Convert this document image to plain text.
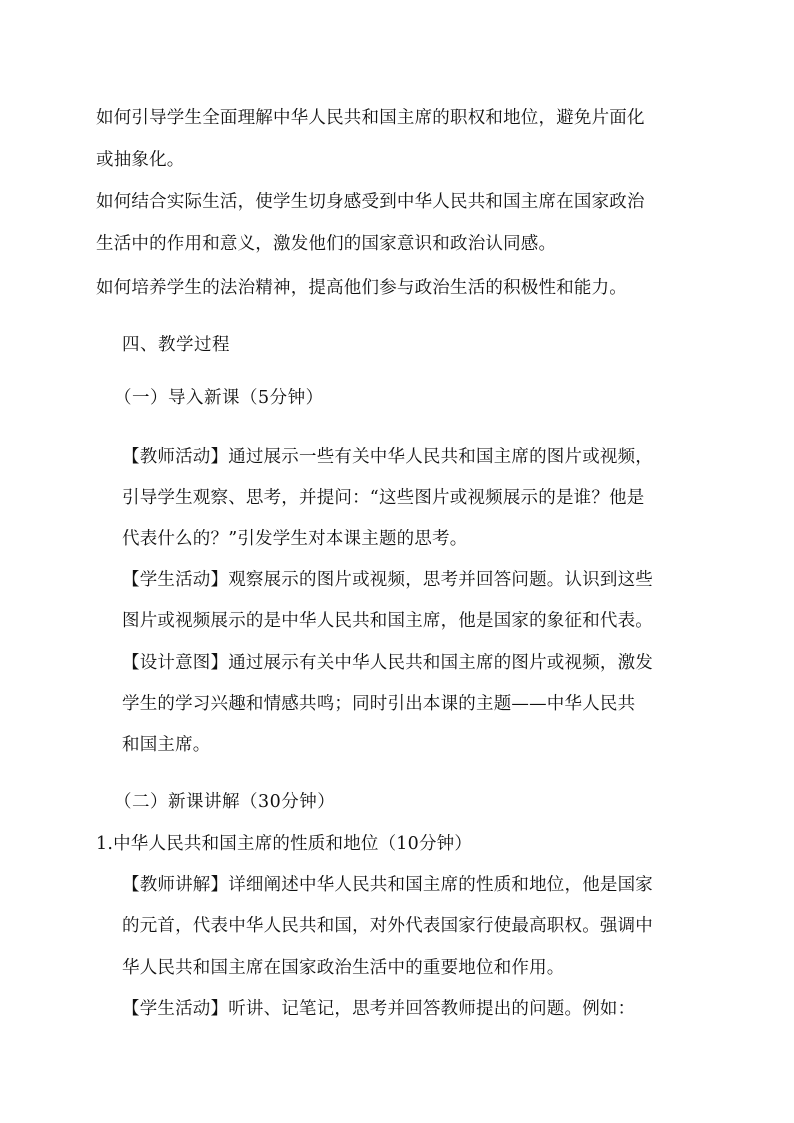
如何引导学生全面理解中华人民共和国主席的职权和地位，避免片面化
或抽象化。
如何结合实际生活，使学生切身感受到中华人民共和国主席在国家政治
生活中的作用和意义，激发他们的国家意识和政治认同感。
如何培养学生的法治精神，提高他们参与政治生活的积极性和能力。
四、教学过程
（一）导入新课（5分钟）
【教师活动】通过展示一些有关中华人民共和国主席的图片或视频，
引导学生观察、思考，并提问：“这些图片或视频展示的是谁？他是
代表什么的？”引发学生对本课主题的思考。
【学生活动】观察展示的图片或视频，思考并回答问题。认识到这些
图片或视频展示的是中华人民共和国主席，他是国家的象征和代表。
【设计意图】通过展示有关中华人民共和国主席的图片或视频，激发
学生的学习兴趣和情感共鸣；同时引出本课的主题——中华人民共
和国主席。
（二）新课讲解（30分钟）
1.中华人民共和国主席的性质和地位（10分钟）
【教师讲解】详细阐述中华人民共和国主席的性质和地位，他是国家
的元首，代表中华人民共和国，对外代表国家行使最高职权。强调中
华人民共和国主席在国家政治生活中的重要地位和作用。
【学生活动】听讲、记笔记，思考并回答教师提出的问题。例如：
